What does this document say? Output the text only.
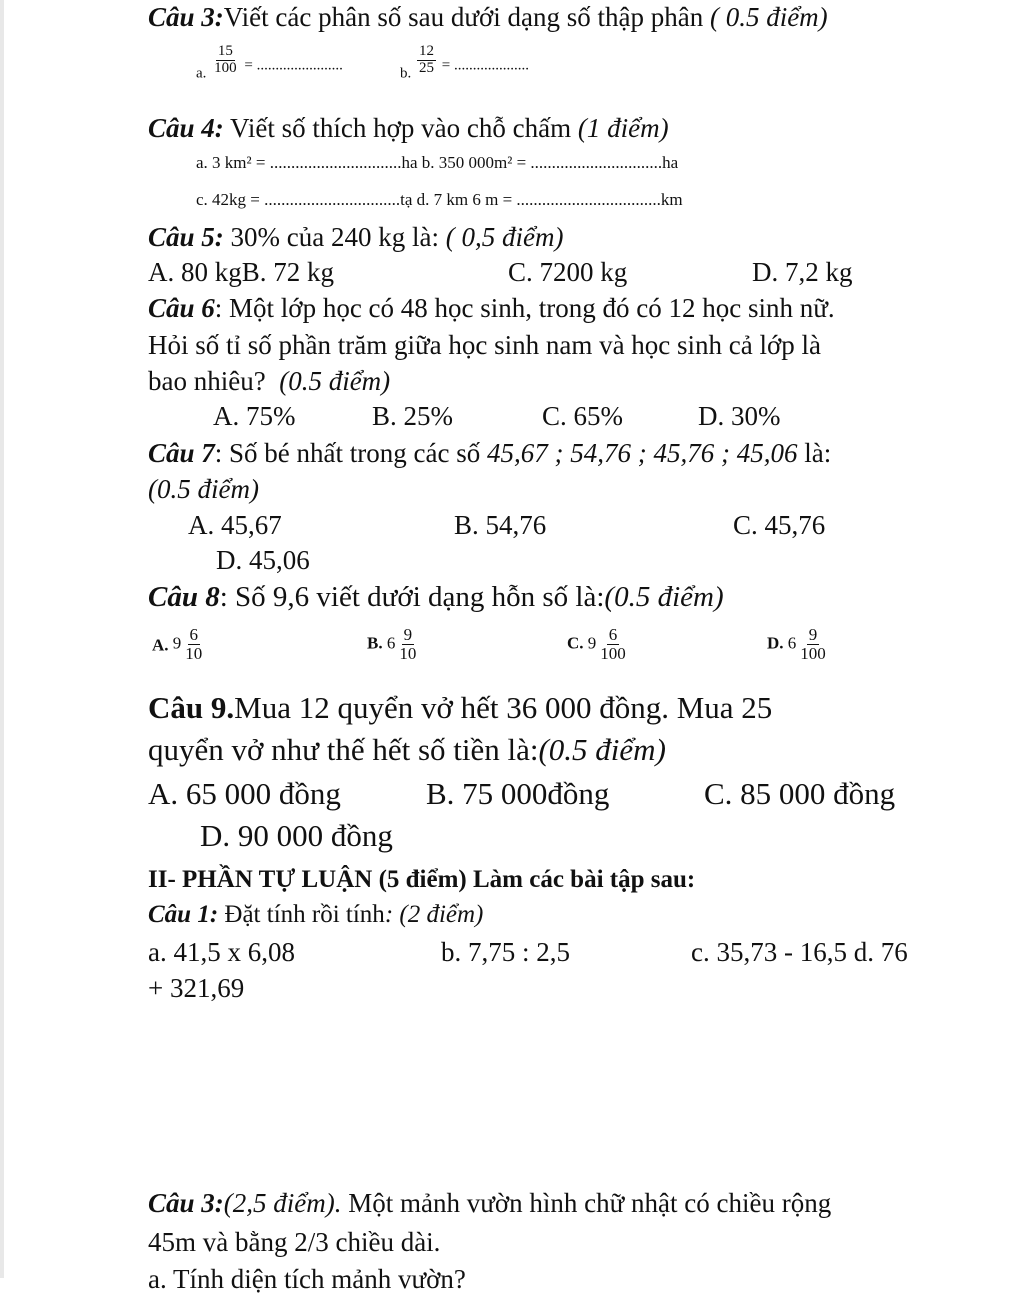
Câu 3:Viết các phân số sau dưới dạng số thập phân ( 0.5 điểm)
a. $\frac{15}{100}$ = .......................	b. $\frac{12}{25}$ = ....................
Câu 4: Viết số thích hợp vào chỗ chấm (1 điểm)
a. 3 km² = ...............................ha b. 350 000m² = ...............................ha
c. 42kg = ................................tạ d. 7 km 6 m = ..................................km
Câu 5: 30% của 240 kg là: ( 0,5 điểm)
A. 80 kgB. 72 kg	C. 7200 kg	D. 7,2 kg
Câu 6: Một lớp học có 48 học sinh, trong đó có 12 học sinh nữ.
Hỏi số tỉ số phần trăm giữa học sinh nam và học sinh cả lớp là
bao nhiêu? (0.5 điểm)
A. 75%	B. 25%	C. 65%	D. 30%
Câu 7: Số bé nhất trong các số 45,67 ; 54,76 ; 45,76 ; 45,06 là:
(0.5 điểm)
A. 45,67	B. 54,76	C. 45,76
D. 45,06
Câu 8: Số 9,6 viết dưới dạng hỗn số là:(0.5 điểm)
A. $9 \frac{6}{10}$	B. $6 \frac{9}{10}$	C. $9 \frac{6}{100}$	D. $6 \frac{9}{100}$
Câu 9.Mua 12 quyển vở hết 36 000 đồng. Mua 25
quyển vở như thế hết số tiền là:(0.5 điểm)
A. 65 000 đồng	B. 75 000đồng	C. 85 000 đồng
D. 90 000 đồng
II- PHẦN TỰ LUẬN (5 điểm) Làm các bài tập sau:
Câu 1: Đặt tính rồi tính: (2 điểm)
a. 41,5 x 6,08	b. 7,75 : 2,5	c. 35,73 - 16,5 d. 76
+ 321,69
Câu 3:(2,5 điểm). Một mảnh vườn hình chữ nhật có chiều rộng
45m và bằng 2/3 chiều dài.
a. Tính diện tích mảnh vườn?
